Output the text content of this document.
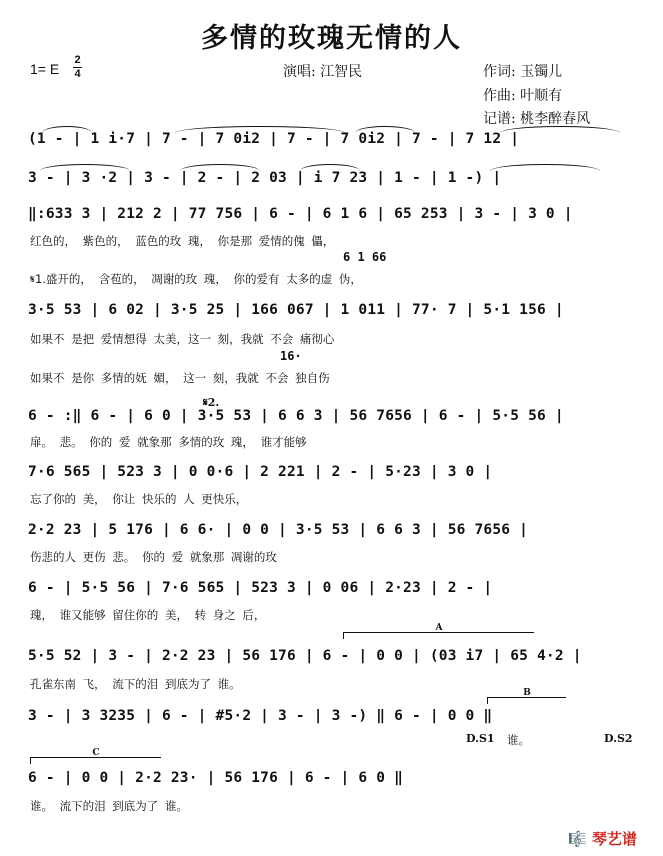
多情的玫瑰无情的人
1= E
2
4	演唱: 江智民	作词: 玉镯儿
作曲: 叶顺有
记谱: 桃李醉春风
(1 - | 1 i·7 | 7 - | 7 0i2 | 7 - | 7 0i2 | 7 - | 7 12 |
3 - | 3 ·2 | 3 - | 2 - | 2 03 | i 7 23 | 1 - | 1 -) |
‖:633 3 | 212 2 | 77 756 | 6 - | 6 1 6 | 65 253 | 3 - | 3 0 |
红色的， 紫色的， 蓝色的玫 瑰， 你是那 爱情的傀 儡，
6 1 66
𝄋1.盛开的， 含苞的， 凋谢的玫 瑰， 你的爱有 太多的虚 伪，
3·5 53 | 6 02 | 3·5 25 | 166 067 | 1 011 | 77· 7 | 5·1 156 |
如果不 是把 爱情想得 太美，这一 刻，我就 不会 痛彻心
16·
如果不 是你 多情的妩 媚， 这一 刻，我就 不会 独自伤
6 - :‖ 6 - | 6 0 | 3·5 53 | 6 6 3 | 56 7656 | 6 - | 5·5 56 |
𝄋2.
扉。 悲。 你的 爱 就象那 多情的玫 瑰， 谁才能够
7·6 565 | 523 3 | 0 0·6 | 2 221 | 2 - | 5·23 | 3 0 |
忘了你的 美， 你让 快乐的 人 更快乐，
2·2 23 | 5 176 | 6 6· | 0 0 | 3·5 53 | 6 6 3 | 56 7656 |
伤悲的人 更伤 悲。 你的 爱 就象那 凋谢的玫
6 - | 5·5 56 | 7·6 565 | 523 3 | 0 06 | 2·23 | 2 - |
瑰， 谁又能够 留住你的 美， 转 身之 后，
A
5·5 52 | 3 - | 2·2 23 | 56 176 | 6 - | 0 0 | (03 i7 | 65 4·2 |
孔雀东南 飞， 流下的泪 到底为了 谁。
B
3 - | 3 3235 | 6 - | #5·2 | 3 - | 3 -) ‖ 6 - | 0 0 ‖
D.S1 谁。	D.S2
C
6 - | 0 0 | 2·2 23· | 56 176 | 6 - | 6 0 ‖
谁。 流下的泪 到底为了 谁。
🎼 琴艺谱
